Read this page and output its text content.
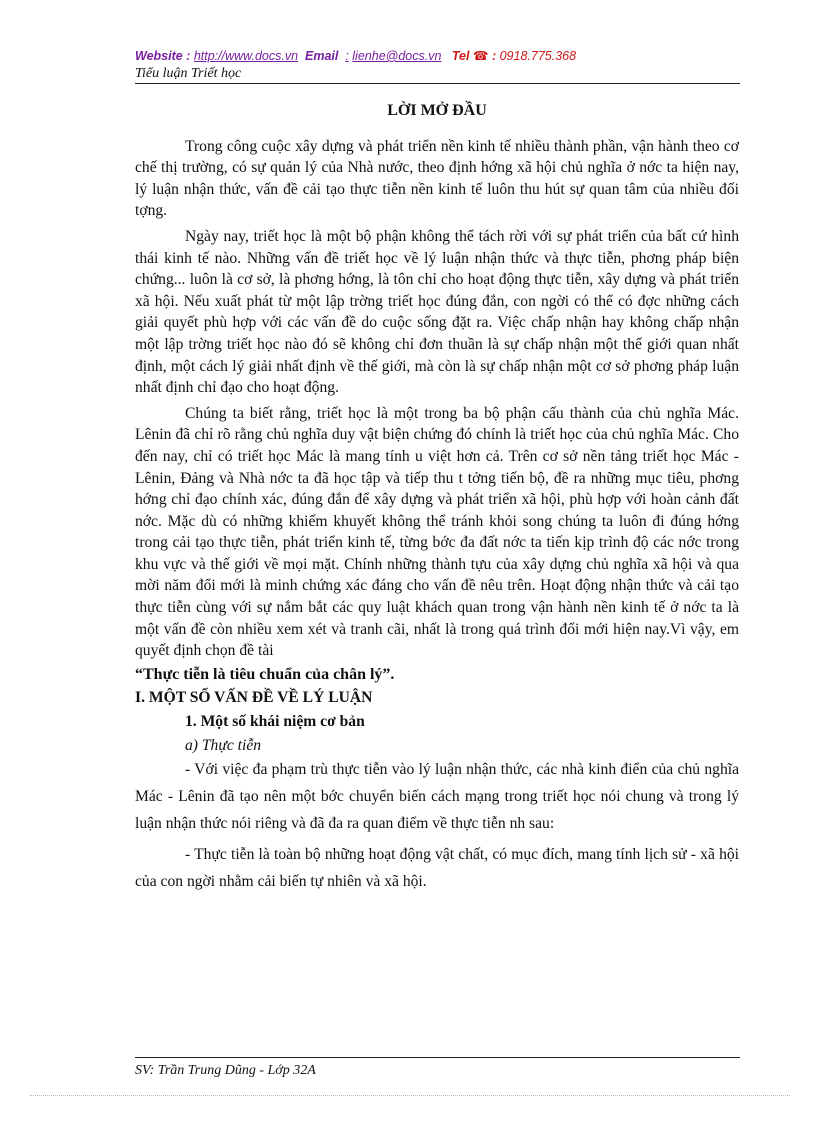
Website : http://www.docs.vn Email : lienhe@docs.vn Tel ☎ : 0918.775.368
Tiểu luận Triết học
LỜI MỞ ĐẦU

Trong công cuộc xây dựng và phát triển nền kinh tế nhiều thành phần, vận hành theo cơ chế thị trường, có sự quản lý của Nhà nước, theo định hớng xã hội chủ nghĩa ở nớc ta hiện nay, lý luận nhận thức, vấn đề cải tạo thực tiễn nền kinh tế luôn thu hút sự quan tâm của nhiều đối tợng.

Ngày nay, triết học là một bộ phận không thể tách rời với sự phát triển của bất cứ hình thái kinh tế nào. Những vấn đề triết học về lý luận nhận thức và thực tiễn, phơng pháp biện chứng... luôn là cơ sở, là phơng hớng, là tôn chỉ cho hoạt động thực tiễn, xây dựng và phát triển xã hội. Nếu xuất phát từ một lập trờng triết học đúng đắn, con ngời có thể có đợc những cách giải quyết phù hợp với các vấn đề do cuộc sống đặt ra. Việc chấp nhận hay không chấp nhận một lập trờng triết học nào đó sẽ không chỉ đơn thuần là sự chấp nhận một thế giới quan nhất định, một cách lý giải nhất định về thế giới, mà còn là sự chấp nhận một cơ sở phơng pháp luận nhất định chỉ đạo cho hoạt động.

Chúng ta biết rằng, triết học là một trong ba bộ phận cấu thành của chủ nghĩa Mác. Lênin đã chỉ rõ rằng chủ nghĩa duy vật biện chứng đó chính là triết học của chủ nghĩa Mác. Cho đến nay, chỉ có triết học Mác là mang tính u việt hơn cả. Trên cơ sở nền tảng triết học Mác - Lênin, Đảng và Nhà nớc ta đã học tập và tiếp thu t tởng tiến bộ, đề ra những mục tiêu, phơng hớng chỉ đạo chính xác, đúng đắn để xây dựng và phát triển xã hội, phù hợp với hoàn cảnh đất nớc. Mặc dù có những khiếm khuyết không thể tránh khỏi song chúng ta luôn đi đúng hớng trong cải tạo thực tiễn, phát triển kinh tế, từng bớc đa đất nớc ta tiến kịp trình độ các nớc trong khu vực và thế giới về mọi mặt. Chính những thành tựu của xây dựng chủ nghĩa xã hội và qua mời năm đổi mới là minh chứng xác đáng cho vấn đề nêu trên. Hoạt động nhận thức và cải tạo thực tiễn cùng với sự nắm bắt các quy luật khách quan trong vận hành nền kinh tế ở nớc ta là một vấn đề còn nhiều xem xét và tranh cãi, nhất là trong quá trình đổi mới hiện nay.Vì vậy, em quyết định chọn đề tài

“Thực tiễn là tiêu chuẩn của chân lý”.
I. MỘT SỐ VẤN ĐỀ VỀ LÝ LUẬN
1. Một số khái niệm cơ bản
a) Thực tiễn

- Với việc đa phạm trù thực tiễn vào lý luận nhận thức, các nhà kinh điển của chủ nghĩa Mác - Lênin đã tạo nên một bớc chuyển biến cách mạng trong triết học nói chung và trong lý luận nhận thức nói riêng và đã đa ra quan điểm về thực tiễn nh sau:

- Thực tiễn là toàn bộ những hoạt động vật chất, có mục đích, mang tính lịch sử - xã hội của con ngời nhằm cải biến tự nhiên và xã hội.

SV: Trần Trung Dũng - Lớp 32A
